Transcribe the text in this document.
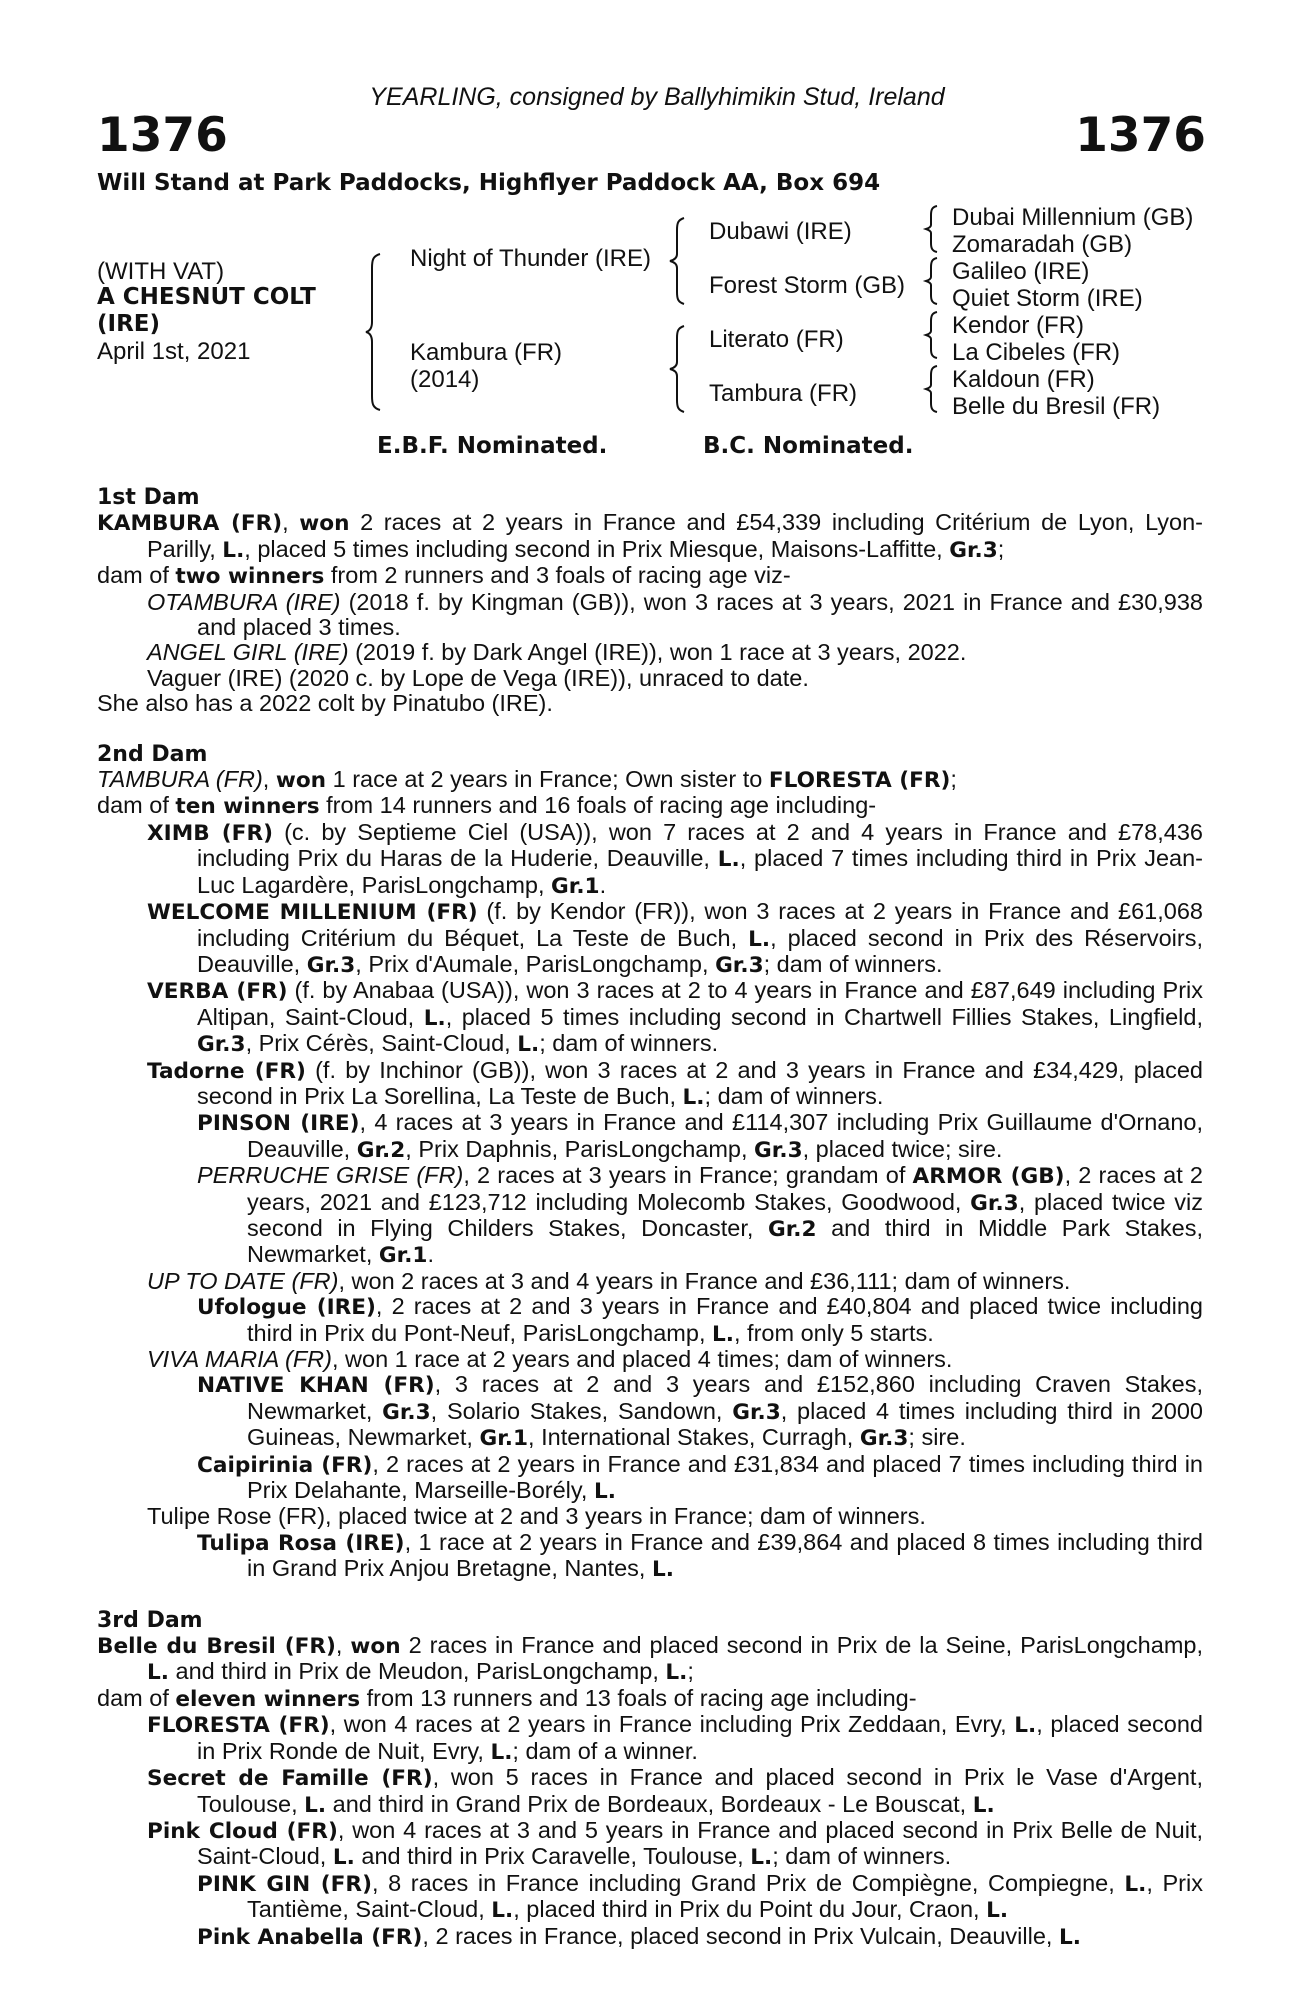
YEARLING, consigned by Ballyhimikin Stud, Ireland
1376	1376
Will Stand at Park Paddocks, Highflyer Paddock AA, Box 694
(WITH VAT)
A CHESNUT COLT
(IRE)
April 1st, 2021
Night of Thunder (IRE)
Kambura (FR)
(2014)
Dubawi (IRE)
Forest Storm (GB)
Literato (FR)
Tambura (FR)
Dubai Millennium (GB)
Zomaradah (GB)
Galileo (IRE)
Quiet Storm (IRE)
Kendor (FR)
La Cibeles (FR)
Kaldoun (FR)
Belle du Bresil (FR)
E.B.F. Nominated.	B.C. Nominated.
1st Dam
KAMBURA (FR), won 2 races at 2 years in France and £54,339 including Critérium de Lyon, Lyon-Parilly, L., placed 5 times including second in Prix Miesque, Maisons-Laffitte, Gr.3;
dam of two winners from 2 runners and 3 foals of racing age viz-
OTAMBURA (IRE) (2018 f. by Kingman (GB)), won 3 races at 3 years, 2021 in France and £30,938 and placed 3 times.
ANGEL GIRL (IRE) (2019 f. by Dark Angel (IRE)), won 1 race at 3 years, 2022.
Vaguer (IRE) (2020 c. by Lope de Vega (IRE)), unraced to date.
She also has a 2022 colt by Pinatubo (IRE).
2nd Dam
TAMBURA (FR), won 1 race at 2 years in France; Own sister to FLORESTA (FR);
dam of ten winners from 14 runners and 16 foals of racing age including-
XIMB (FR) (c. by Septieme Ciel (USA)), won 7 races at 2 and 4 years in France and £78,436 including Prix du Haras de la Huderie, Deauville, L., placed 7 times including third in Prix Jean-Luc Lagardère, ParisLongchamp, Gr.1.
WELCOME MILLENIUM (FR) (f. by Kendor (FR)), won 3 races at 2 years in France and £61,068 including Critérium du Béquet, La Teste de Buch, L., placed second in Prix des Réservoirs, Deauville, Gr.3, Prix d'Aumale, ParisLongchamp, Gr.3; dam of winners.
VERBA (FR) (f. by Anabaa (USA)), won 3 races at 2 to 4 years in France and £87,649 including Prix Altipan, Saint-Cloud, L., placed 5 times including second in Chartwell Fillies Stakes, Lingfield, Gr.3, Prix Cérès, Saint-Cloud, L.; dam of winners.
Tadorne (FR) (f. by Inchinor (GB)), won 3 races at 2 and 3 years in France and £34,429, placed second in Prix La Sorellina, La Teste de Buch, L.; dam of winners.
PINSON (IRE), 4 races at 3 years in France and £114,307 including Prix Guillaume d'Ornano, Deauville, Gr.2, Prix Daphnis, ParisLongchamp, Gr.3, placed twice; sire.
PERRUCHE GRISE (FR), 2 races at 3 years in France; grandam of ARMOR (GB), 2 races at 2 years, 2021 and £123,712 including Molecomb Stakes, Goodwood, Gr.3, placed twice viz second in Flying Childers Stakes, Doncaster, Gr.2 and third in Middle Park Stakes, Newmarket, Gr.1.
UP TO DATE (FR), won 2 races at 3 and 4 years in France and £36,111; dam of winners.
Ufologue (IRE), 2 races at 2 and 3 years in France and £40,804 and placed twice including third in Prix du Pont-Neuf, ParisLongchamp, L., from only 5 starts.
VIVA MARIA (FR), won 1 race at 2 years and placed 4 times; dam of winners.
NATIVE KHAN (FR), 3 races at 2 and 3 years and £152,860 including Craven Stakes, Newmarket, Gr.3, Solario Stakes, Sandown, Gr.3, placed 4 times including third in 2000 Guineas, Newmarket, Gr.1, International Stakes, Curragh, Gr.3; sire.
Caipirinia (FR), 2 races at 2 years in France and £31,834 and placed 7 times including third in Prix Delahante, Marseille-Borély, L.
Tulipe Rose (FR), placed twice at 2 and 3 years in France; dam of winners.
Tulipa Rosa (IRE), 1 race at 2 years in France and £39,864 and placed 8 times including third in Grand Prix Anjou Bretagne, Nantes, L.
3rd Dam
Belle du Bresil (FR), won 2 races in France and placed second in Prix de la Seine, ParisLongchamp, L. and third in Prix de Meudon, ParisLongchamp, L.;
dam of eleven winners from 13 runners and 13 foals of racing age including-
FLORESTA (FR), won 4 races at 2 years in France including Prix Zeddaan, Evry, L., placed second in Prix Ronde de Nuit, Evry, L.; dam of a winner.
Secret de Famille (FR), won 5 races in France and placed second in Prix le Vase d'Argent, Toulouse, L. and third in Grand Prix de Bordeaux, Bordeaux - Le Bouscat, L.
Pink Cloud (FR), won 4 races at 3 and 5 years in France and placed second in Prix Belle de Nuit, Saint-Cloud, L. and third in Prix Caravelle, Toulouse, L.; dam of winners.
PINK GIN (FR), 8 races in France including Grand Prix de Compiègne, Compiegne, L., Prix Tantième, Saint-Cloud, L., placed third in Prix du Point du Jour, Craon, L.
Pink Anabella (FR), 2 races in France, placed second in Prix Vulcain, Deauville, L.
